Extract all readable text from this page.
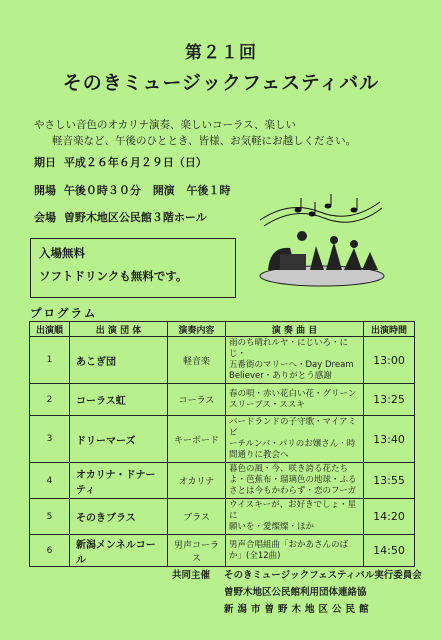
第２１回
そのきミュージックフェスティバル
やさしい音色のオカリナ演奏、楽しいコーラス、楽しい
軽音楽など、午後のひととき、皆様、お気軽にお越しください。
期日 平成２６年６月２９日（日）
開場 午後０時３０分 開演 午後１時
会場 曽野木地区公民館３階ホール
入場無料
ソフトドリンクも無料です。
プログラム
出演順	出 演 団 体	演奏内容	演 奏 曲 目	出演時間
1	あこぎ団	軽音楽	雨のち晴れルヤ・にじいろ・にじ・
五番街のマリーへ・Day Dream
Believer・ありがとう感謝	13:00
2	コーラス虹	コーラス	春の唄・赤い花白い花・グリーン
スリーブス・ススキ	13:25
3	ドリーマーズ	キーボード	バードランドの子守歌・マイアミビ
ーチルンバ・パリのお嬢さん・時
間通りに教会へ	13:40
4	オカリナ・ドナーティ	オカリナ	暮色の風・今、咲き誇る花たち
よ・芭蕉布・瑠璃色の地球・ふる
さとは今もかわらず・恋のフーガ	13:55
5	そのきブラス	ブラス	ウイスキーが、お好きでしょ・星に
願いを・愛燦燦・ほか	14:20
6	新潟メンネルコール	男声コーラス	男声合唱組曲「おかあさんのば
か」(全12曲)	14:50
共同主催 そのきミュージックフェスティバル実行委員会
曽野木地区公民館利用団体連絡協
新潟市曽野木地区公民館
